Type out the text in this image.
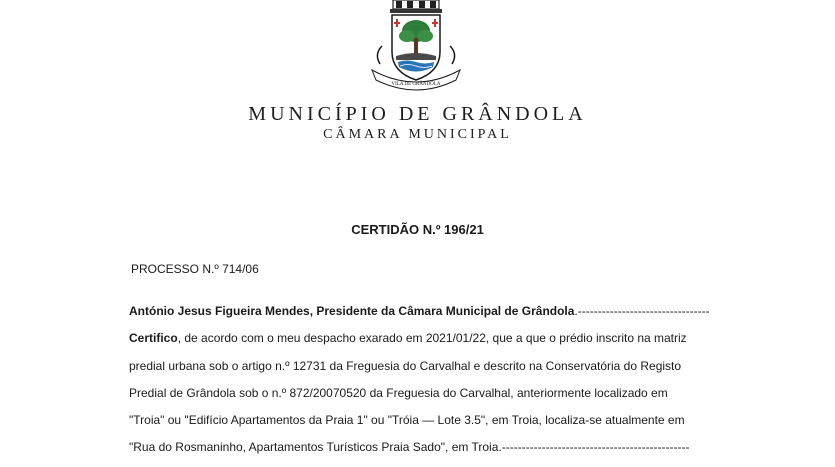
VILA DE GRÂNDOLA
MUNICÍPIO DE GRÂNDOLA
CÂMARA MUNICIPAL
CERTIDÃO N.º 196/21
PROCESSO N.º 714/06
António Jesus Figueira Mendes, Presidente da Câmara Municipal de Grândola.---------------------------------
Certifico, de acordo com o meu despacho exarado em 2021/01/22, que a que o prédio inscrito na matriz
predial urbana sob o artigo n.º 12731 da Freguesia do Carvalhal e descrito na Conservatória do Registo
Predial de Grândola sob o n.º 872/20070520 da Freguesia do Carvalhal, anteriormente localizado em
"Troia" ou "Edifício Apartamentos da Praia 1" ou "Tróia — Lote 3.5", em Troia, localiza-se atualmente em
"Rua do Rosmaninho, Apartamentos Turísticos Praia Sado", em Troia.-----------------------------------------------
